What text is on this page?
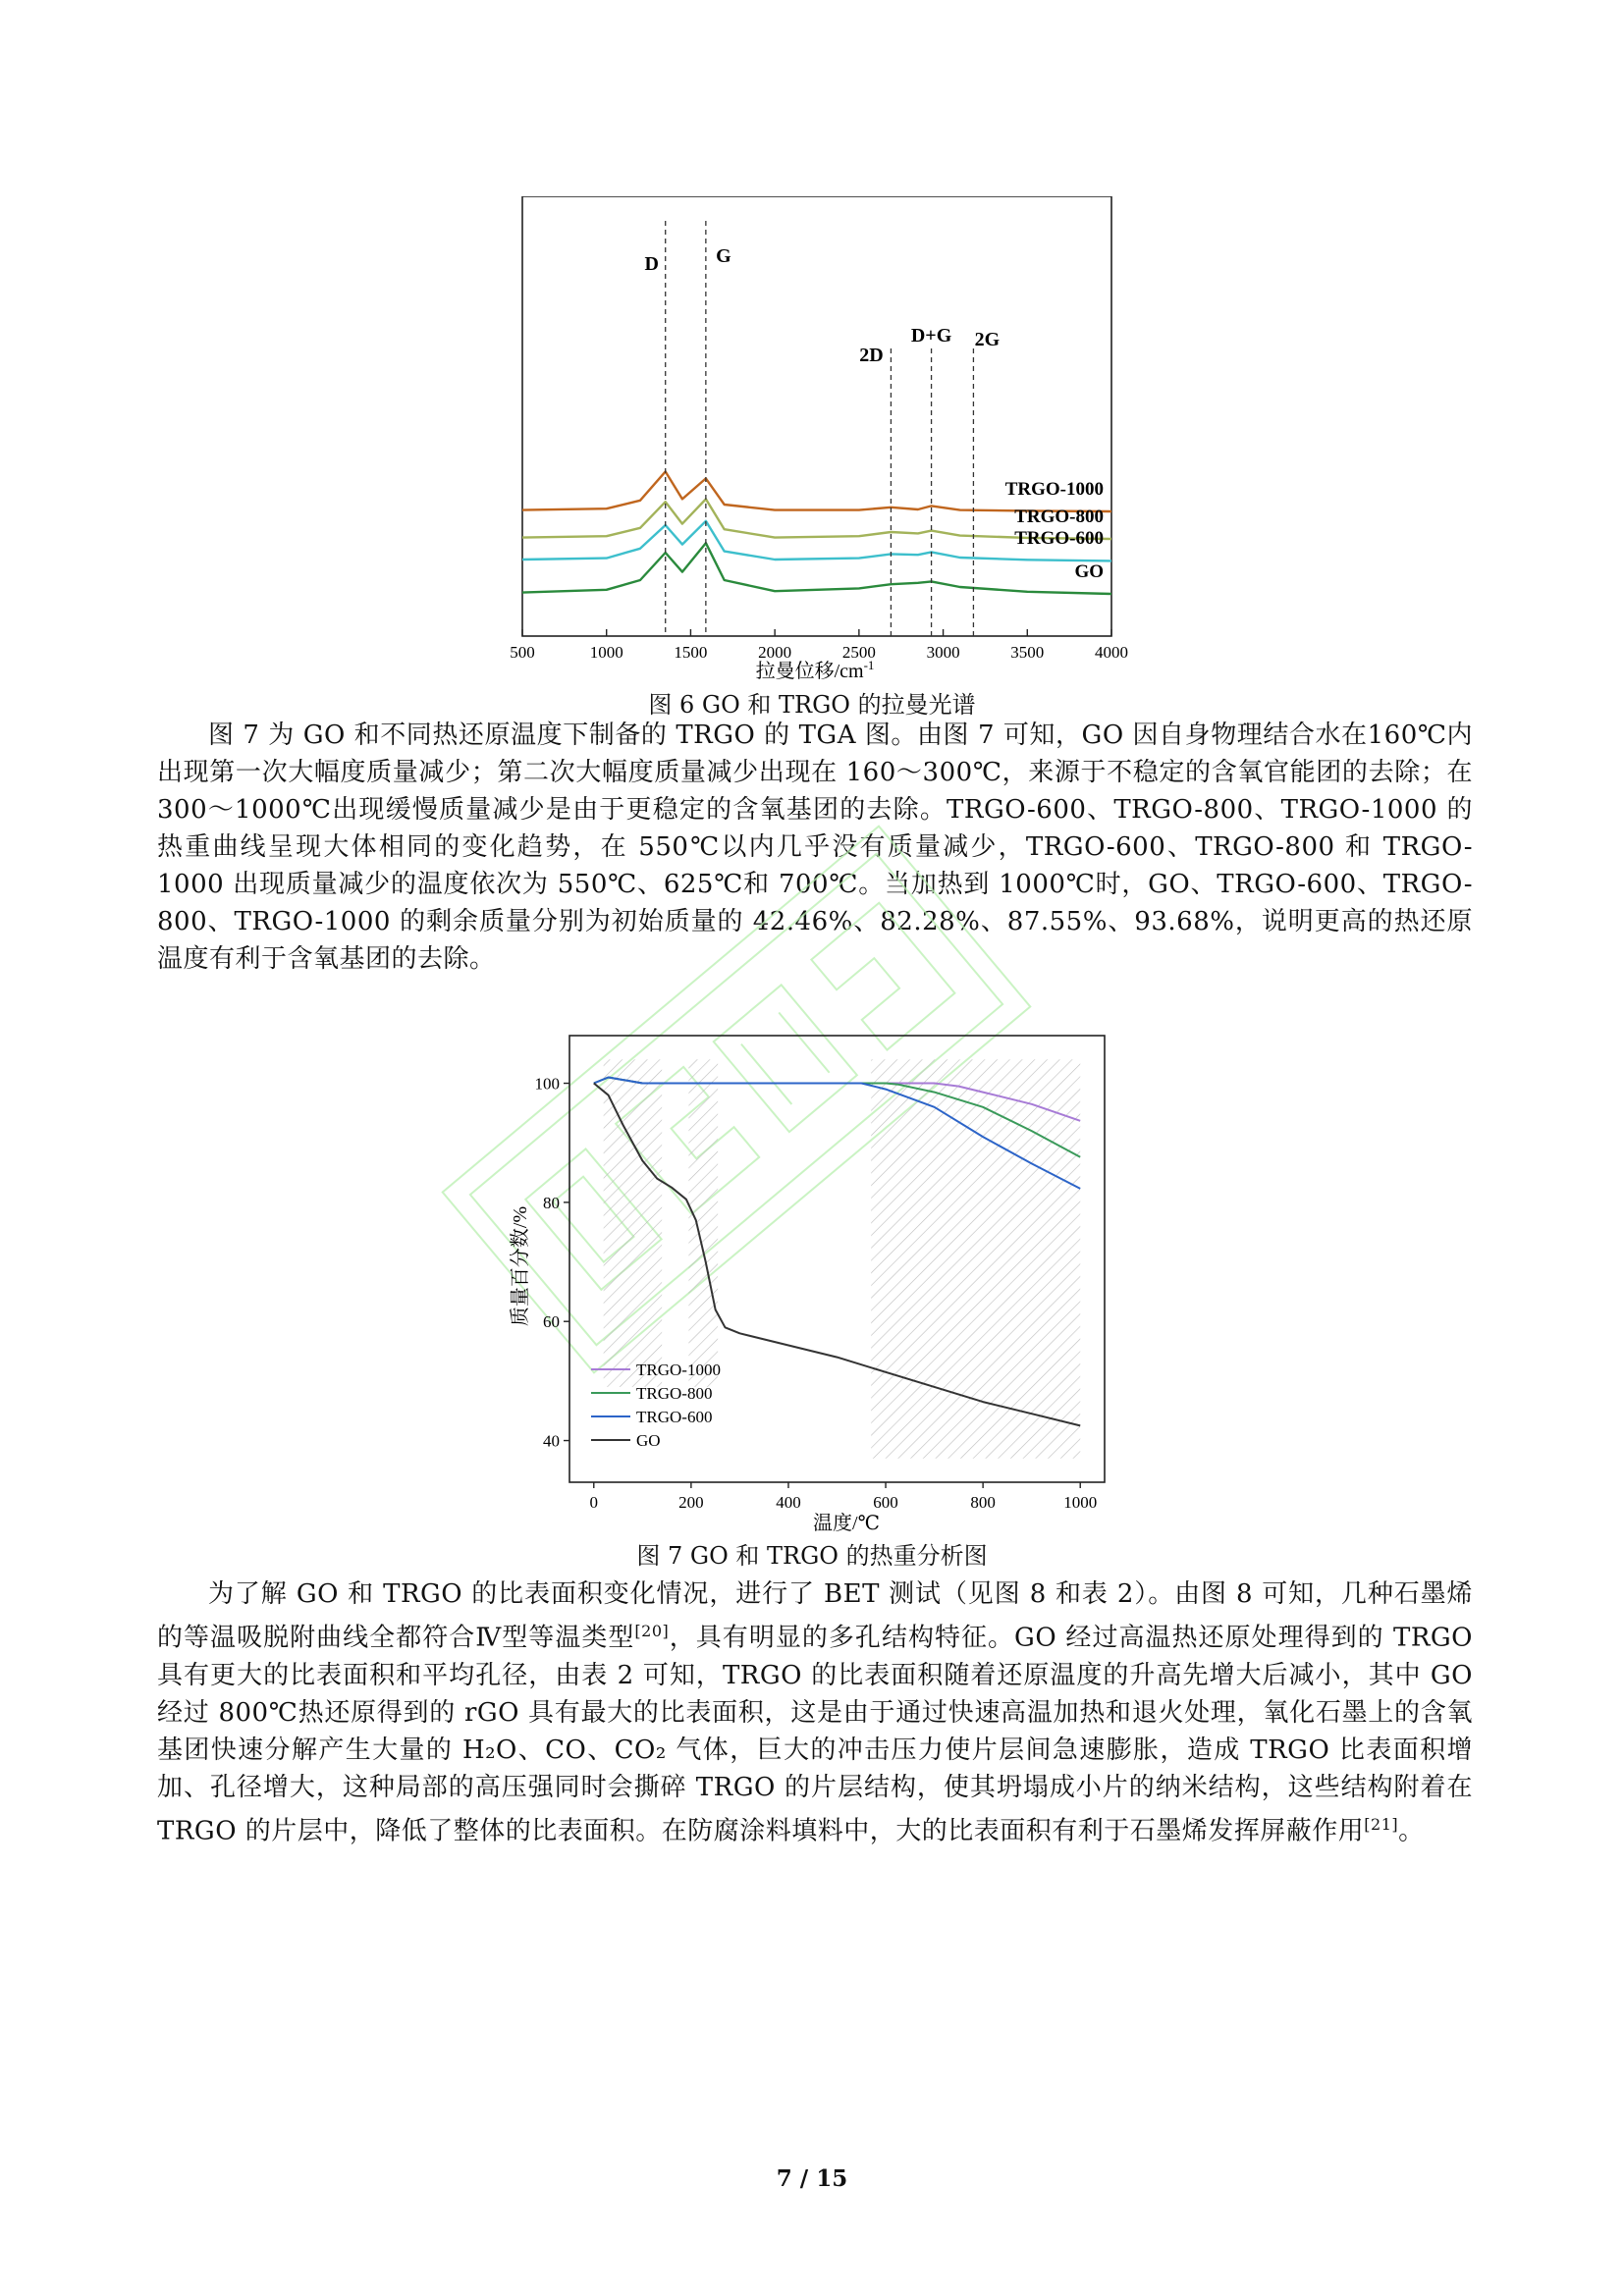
D	G
2D
D+G 2G
TRGO-1000
TRGO-800
TRGO-600
GO
500	1000	1500	2000	2500	3000	3500	4000
拉曼位移$/cm^{-1}$
图 6 GO 和 TRGO 的拉曼光谱

图 7 为 GO 和不同热还原温度下制备的 TRGO 的 TGA 图。由图 7 可知，GO 因自身物理结合水在160℃内出现第一次大幅度质量减少；第二次大幅度质量减少出现在 160～300℃，来源于不稳定的含氧官能团的去除；在 300～1000℃出现缓慢质量减少是由于更稳定的含氧基团的去除。TRGO-600、TRGO-800、TRGO-1000 的热重曲线呈现大体相同的变化趋势，在 550℃以内几乎没有质量减少，TRGO-600、TRGO-800 和 TRGO-1000 出现质量减少的温度依次为 550℃、625℃和 700℃。当加热到 1000℃时，GO、TRGO-600、TRGO-800、TRGO-1000 的剩余质量分别为初始质量的 42.46%、82.28%、87.55%、93.68%，说明更高的热还原温度有利于含氧基团的去除。

0	200	400	600	800	1000
100
80
60
40
TRGO-1000
TRGO-800
TRGO-600
GO
温度/℃
质量百分数/%
图 7 GO 和 TRGO 的热重分析图

为了解 GO 和 TRGO 的比表面积变化情况，进行了 BET 测试（见图 8 和表 2）。由图 8 可知，几种石墨烯的等温吸脱附曲线全都符合Ⅳ型等温类型[20]，具有明显的多孔结构特征。GO 经过高温热还原处理得到的 TRGO 具有更大的比表面积和平均孔径，由表 2 可知，TRGO 的比表面积随着还原温度的升高先增大后减小，其中 GO 经过 800℃热还原得到的 rGO 具有最大的比表面积，这是由于通过快速高温加热和退火处理，氧化石墨上的含氧基团快速分解产生大量的 H₂O、CO、CO₂ 气体，巨大的冲击压力使片层间急速膨胀，造成 TRGO 比表面积增加、孔径增大，这种局部的高压强同时会撕碎 TRGO 的片层结构，使其坍塌成小片的纳米结构，这些结构附着在 TRGO 的片层中，降低了整体的比表面积。在防腐涂料填料中，大的比表面积有利于石墨烯发挥屏蔽作用[21]。

7 / 15
